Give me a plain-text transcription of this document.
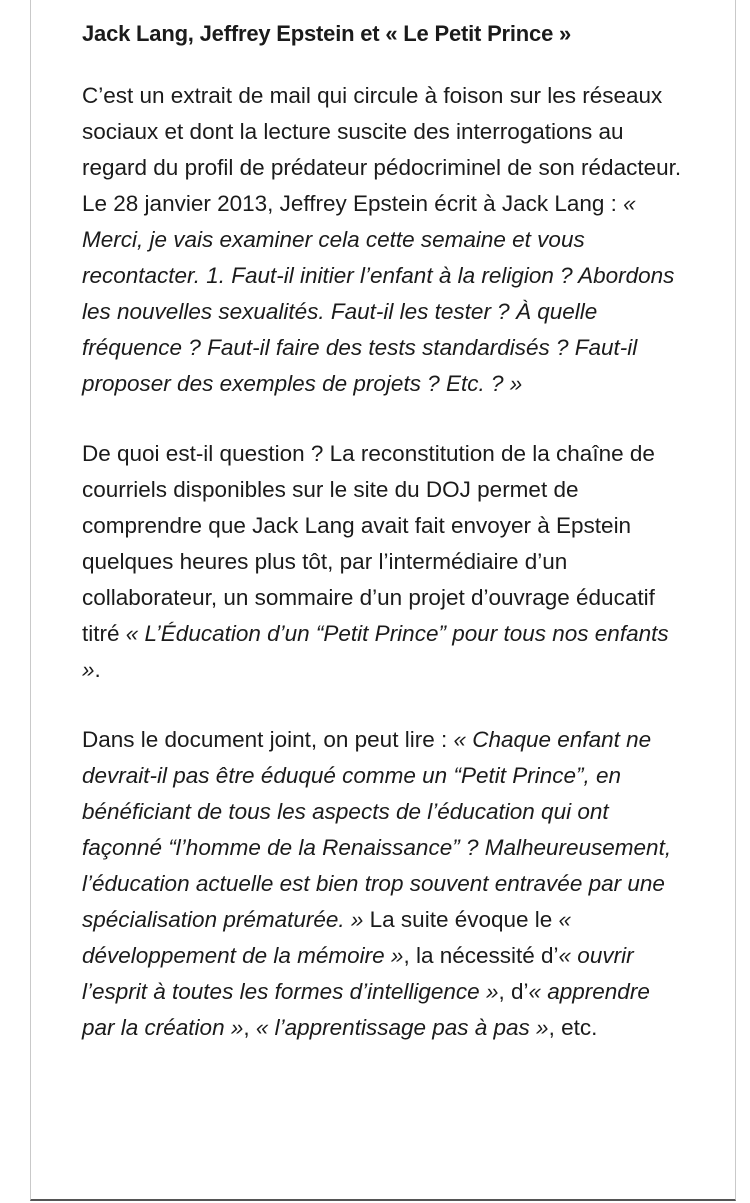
Jack Lang, Jeffrey Epstein et « Le Petit Prince »

C’est un extrait de mail qui circule à foison sur les réseaux sociaux et dont la lecture suscite des interrogations au regard du profil de prédateur pédocriminel de son rédacteur. Le 28 janvier 2013, Jeffrey Epstein écrit à Jack Lang : « Merci, je vais examiner cela cette semaine et vous recontacter. 1. Faut-il initier l’enfant à la religion ? Abordons les nouvelles sexualités. Faut-il les tester ? À quelle fréquence ? Faut-il faire des tests standardisés ? Faut-il proposer des exemples de projets ? Etc. ? »

De quoi est-il question ? La reconstitution de la chaîne de courriels disponibles sur le site du DOJ permet de comprendre que Jack Lang avait fait envoyer à Epstein quelques heures plus tôt, par l’intermédiaire d’un collaborateur, un sommaire d’un projet d’ouvrage éducatif titré « L’Éducation d’un “Petit Prince” pour tous nos enfants ».

Dans le document joint, on peut lire : « Chaque enfant ne devrait-il pas être éduqué comme un “Petit Prince”, en bénéficiant de tous les aspects de l’éducation qui ont façonné “l’homme de la Renaissance” ? Malheureusement, l’éducation actuelle est bien trop souvent entravée par une spécialisation prématurée. » La suite évoque le « développement de la mémoire », la nécessité d’« ouvrir l’esprit à toutes les formes d’intelligence », d’« apprendre par la création », « l’apprentissage pas à pas », etc.
